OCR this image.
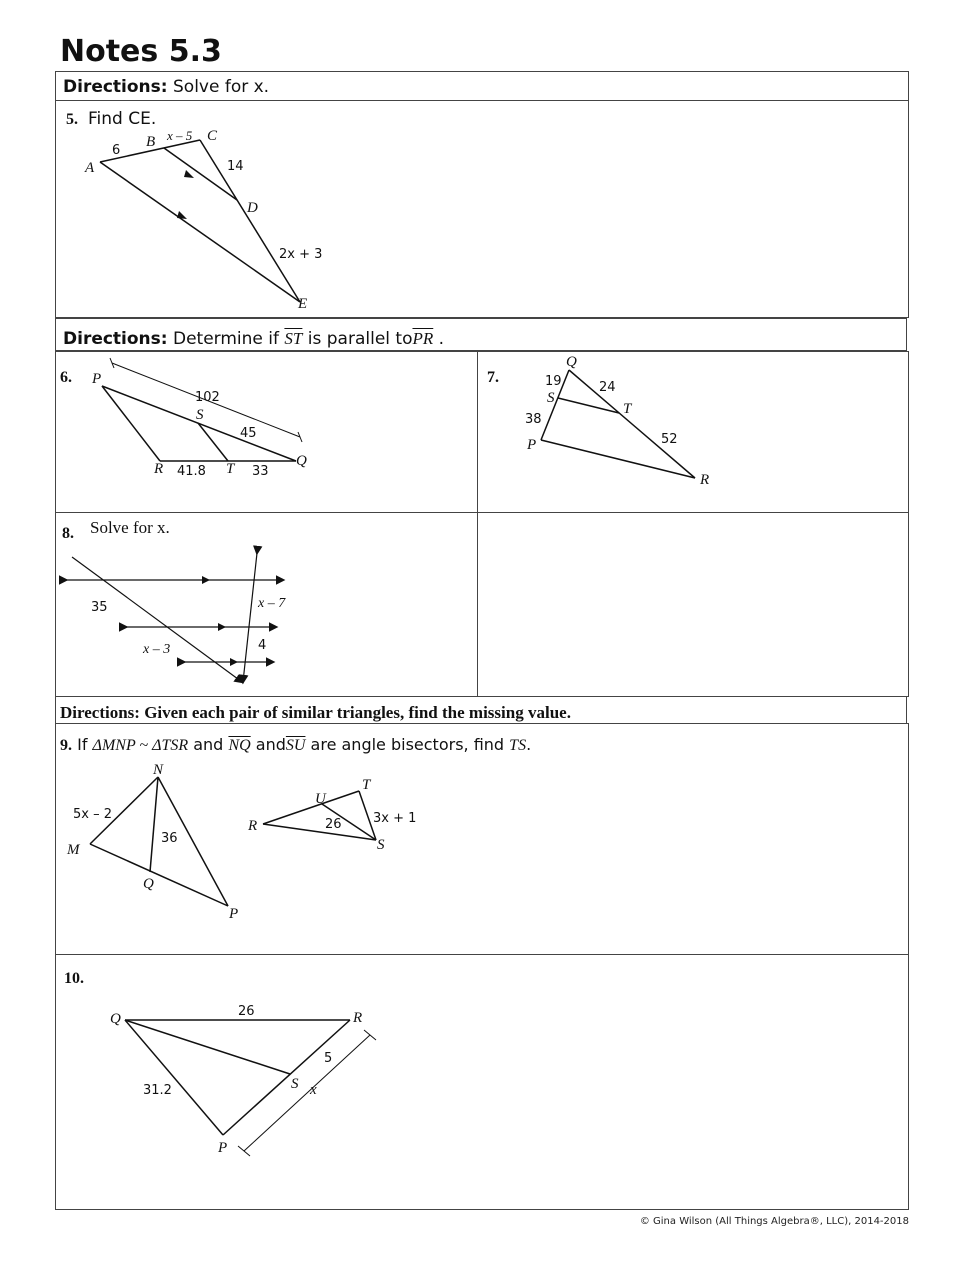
Notes 5.3
Directions: Solve for x.
5. Find CE.
A
6
B x – 5 C
14
D
2x + 3
E
Directions: Determine if $\overline{ST}$ is parallel $to\overline{PR}$ .
6.	7.
P
102
S
45
R 41.8 T 33
Q
Q
19	24
S
T
38
52
P
R
8. Solve for x.
35	x – 7
x – 3	4
Directions: Given each pair of similar triangles, find the missing value.
9. If ΔMNP ~ ΔTSR and $\overline{NQ}$ $and\overline{SU}$ are angle bisectors, find TS.
N
5x – 2
36
M
Q
P
T
U
R	26 3x + 1
S
10.
Q	26	R
5
S x
31.2
P
© Gina Wilson (All Things Algebra®, LLC), 2014-2018
